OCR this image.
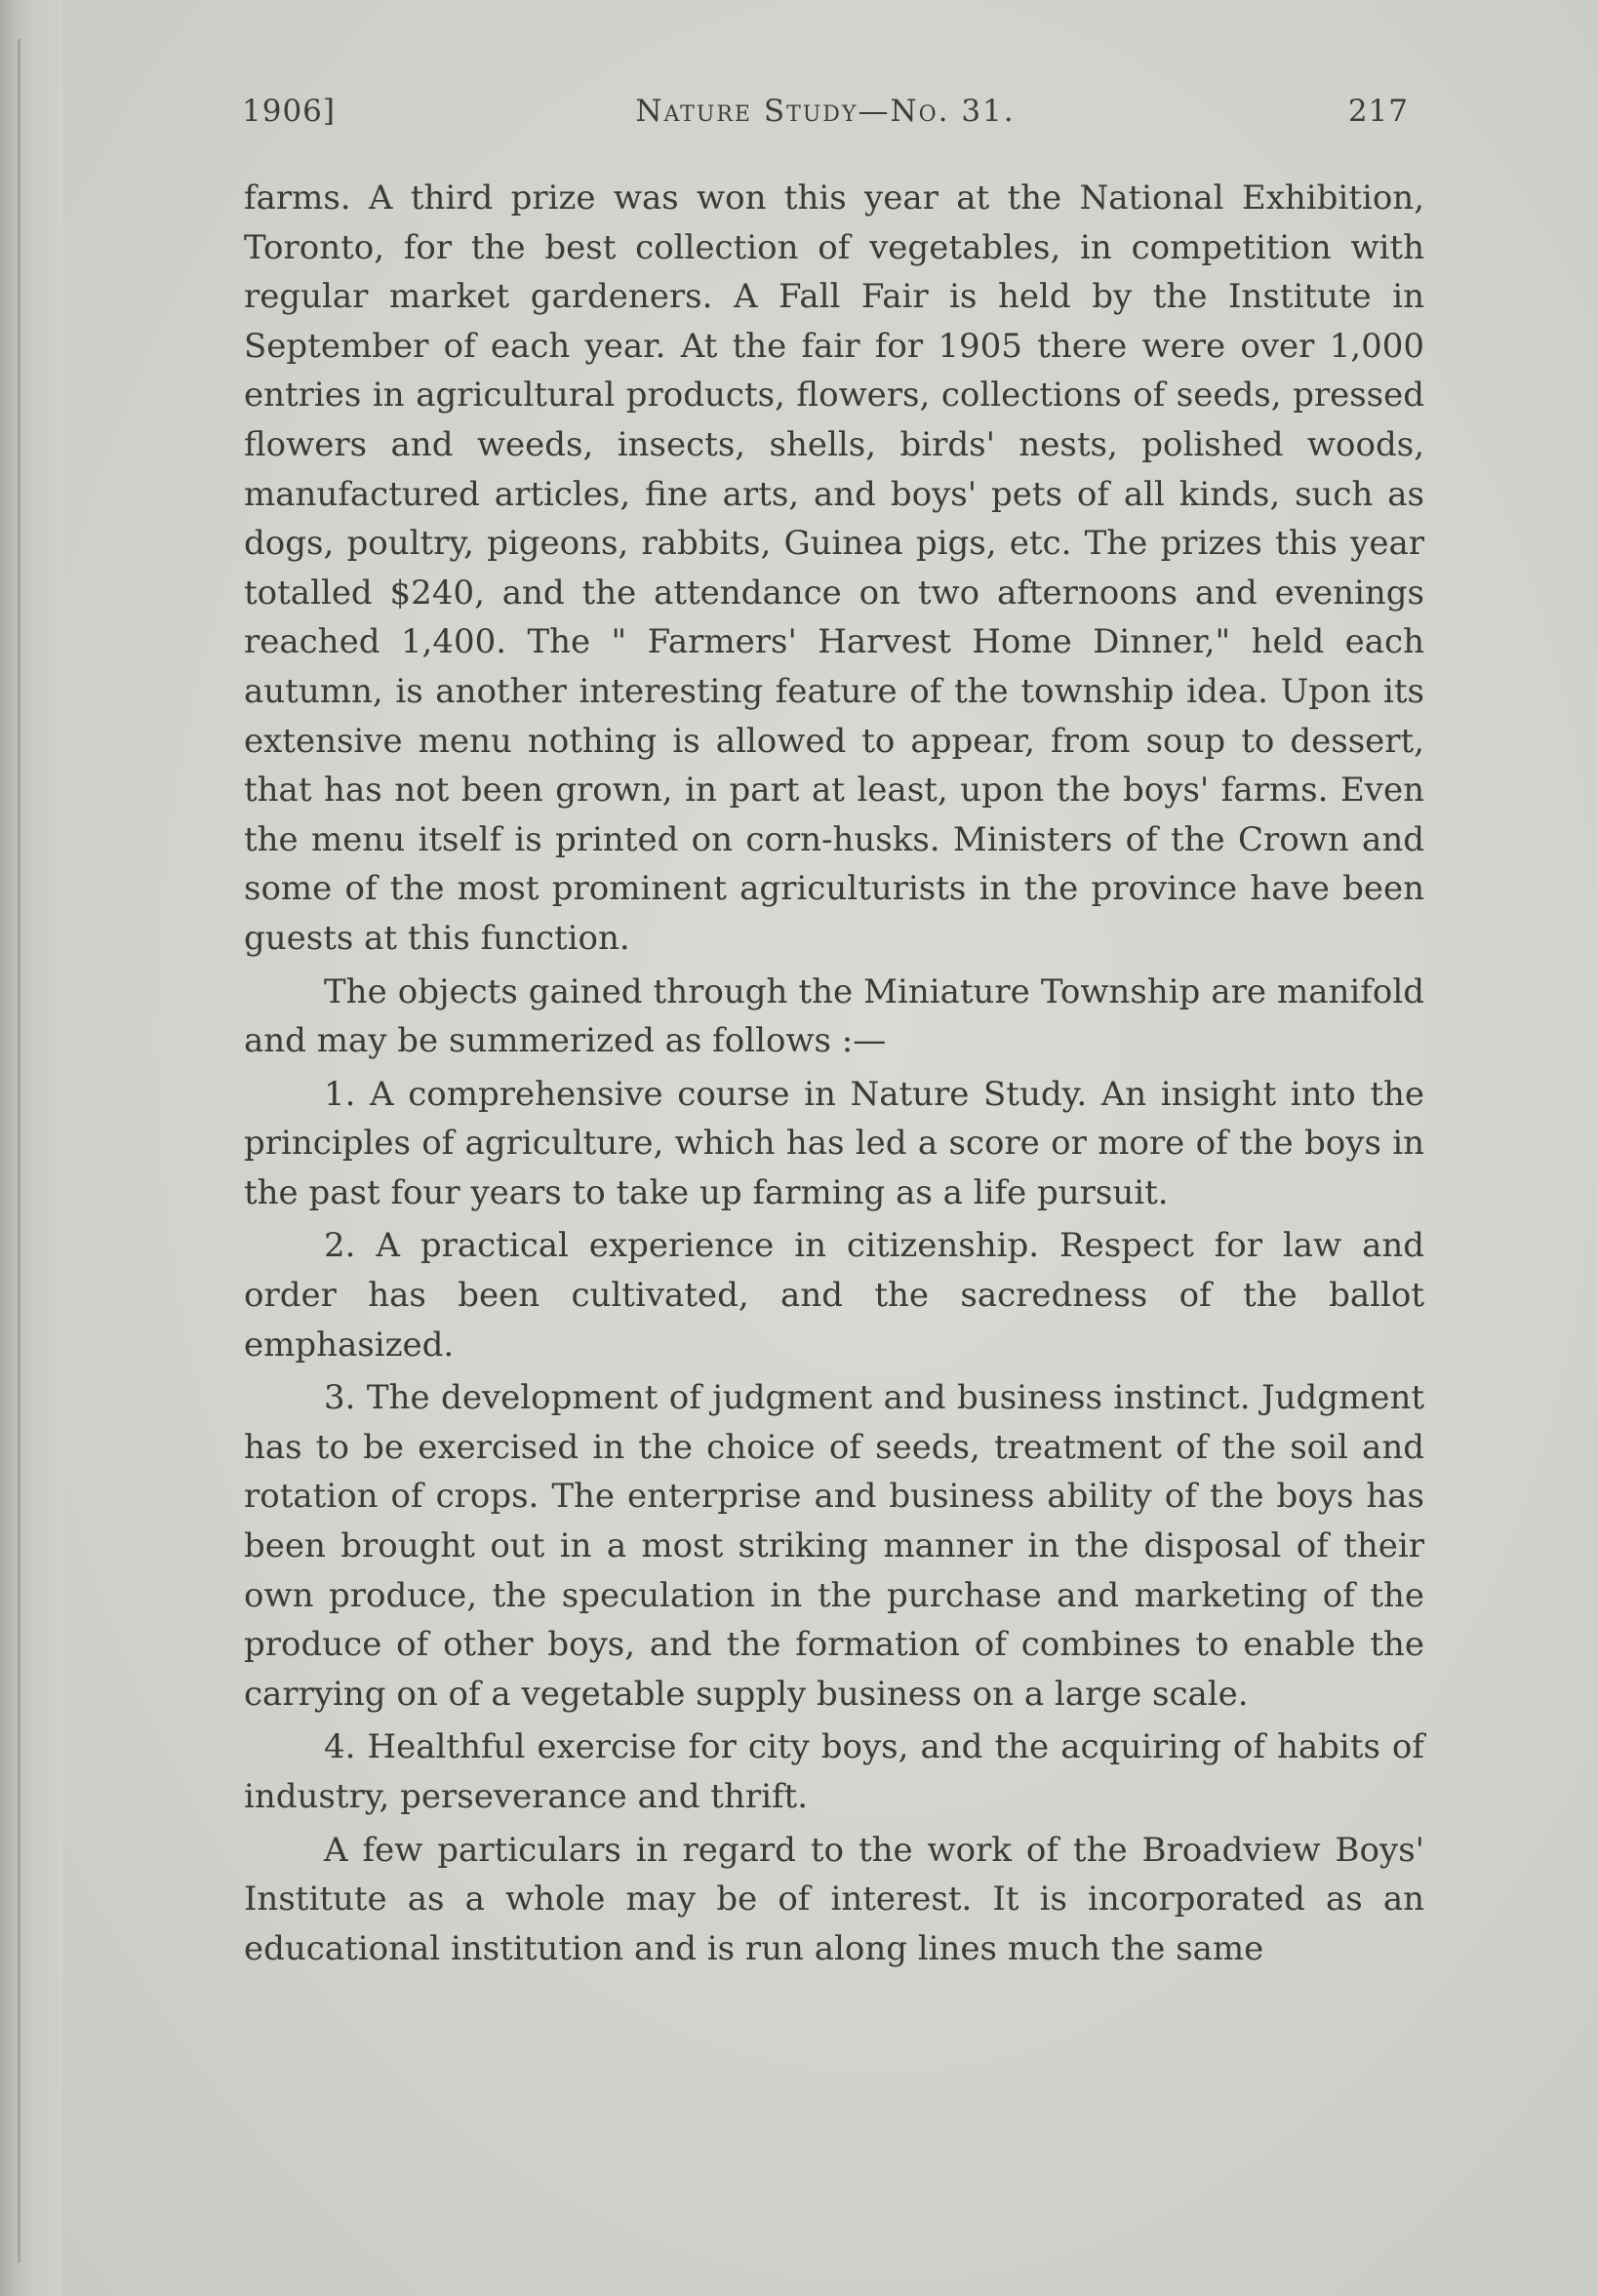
1906]	Nature Study—No. 31.	217

farms. A third prize was won this year at the National Exhibition, Toronto, for the best collection of vegetables, in competition with regular market gardeners. A Fall Fair is held by the Institute in September of each year. At the fair for 1905 there were over 1,000 entries in agricultural products, flowers, collections of seeds, pressed flowers and weeds, insects, shells, birds' nests, polished woods, manufactured articles, fine arts, and boys' pets of all kinds, such as dogs, poultry, pigeons, rabbits, Guinea pigs, etc. The prizes this year totalled $240, and the attendance on two afternoons and evenings reached 1,400. The " Farmers' Harvest Home Dinner," held each autumn, is another interesting feature of the township idea. Upon its extensive menu nothing is allowed to appear, from soup to dessert, that has not been grown, in part at least, upon the boys' farms. Even the menu itself is printed on corn-husks. Ministers of the Crown and some of the most prominent agriculturists in the province have been guests at this function.

The objects gained through the Miniature Township are manifold and may be summerized as follows :—

1. A comprehensive course in Nature Study. An insight into the principles of agriculture, which has led a score or more of the boys in the past four years to take up farming as a life pursuit.

2. A practical experience in citizenship. Respect for law and order has been cultivated, and the sacredness of the ballot emphasized.

3. The development of judgment and business instinct. Judgment has to be exercised in the choice of seeds, treatment of the soil and rotation of crops. The enterprise and business ability of the boys has been brought out in a most striking manner in the disposal of their own produce, the speculation in the purchase and marketing of the produce of other boys, and the formation of combines to enable the carrying on of a vegetable supply business on a large scale.

4. Healthful exercise for city boys, and the acquiring of habits of industry, perseverance and thrift.

A few particulars in regard to the work of the Broadview Boys' Institute as a whole may be of interest. It is incorporated as an educational institution and is run along lines much the same
